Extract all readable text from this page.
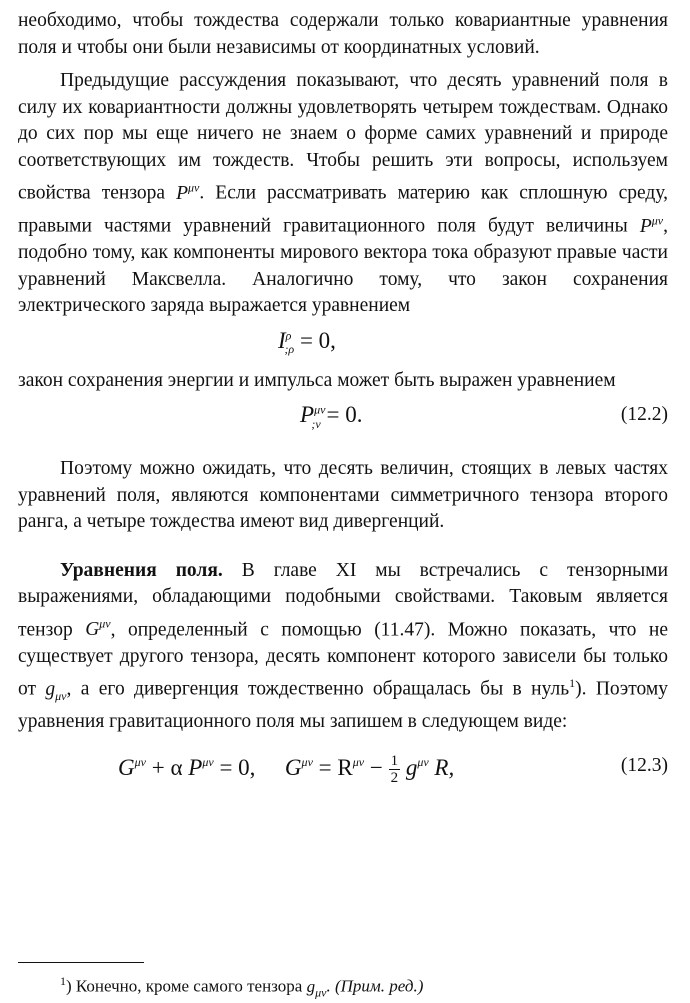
необходимо, чтобы тождества содержали только ковариантные уравнения поля и чтобы они были независимы от координатных условий.

Предыдущие рассуждения показывают, что десять уравнений поля в силу их ковариантности должны удовлетворять четырем тождествам. Однако до сих пор мы еще ничего не знаем о форме самих уравнений и природе соответствующих им тождеств. Чтобы решить эти вопросы, используем свойства тензора $P^{\mu\nu}$. Если рассматривать материю как сплошную среду, правыми частями уравнений гравитационного поля будут величины $P^{\mu\nu}$, подобно тому, как компоненты мирового вектора тока образуют правые части уравнений Максвелла. Аналогично тому, что закон сохранения электрического заряда выражается уравнением

$I^\rho_{;\rho} = 0$,

закон сохранения энергии и импульса может быть выражен уравнением

$P^{\mu\nu}_{;\nu} = 0$.	(12.2)

Поэтому можно ожидать, что десять величин, стоящих в левых частях уравнений поля, являются компонентами симметричного тензора второго ранга, а четыре тождества имеют вид дивергенций.

Уравнения поля. В главе XI мы встречались с тензорными выражениями, обладающими подобными свойствами. Таковым является тензор $G^{\mu\nu}$, определенный с помощью (11.47). Можно показать, что не существует другого тензора, десять компонент которого зависели бы только от $g_{\mu\nu}$, а его дивергенция тождественно обращалась бы в нуль$^1$). Поэтому уравнения гравитационного поля мы запишем в следующем виде:

$G^{\mu\nu} + \alpha$ $P^{\mu\nu} = 0$, $G^{\mu\nu} = R^{\mu\nu} - \frac{1}{2} g^{\mu\nu}$ R,	(12.3)

$^1$) Конечно, кроме самого тензора $g_{\mu\nu}$. (Прим. ред.)
